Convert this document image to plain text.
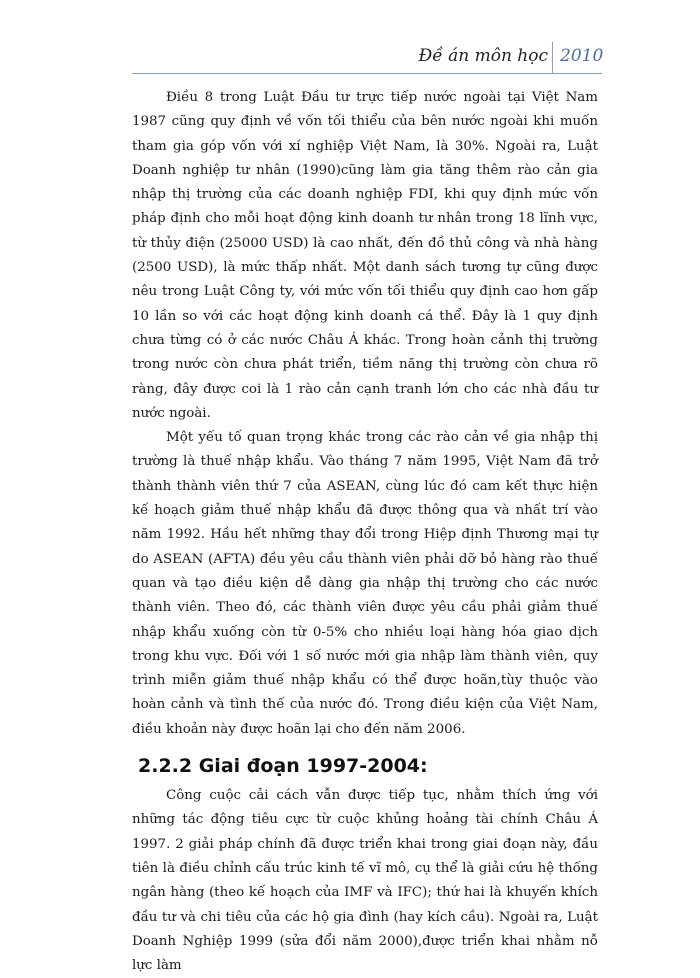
Đề án môn học 2010

Điều 8 trong Luật Đầu tư trực tiếp nước ngoài tại Việt Nam 1987 cũng quy định về vốn tối thiểu của bên nước ngoài khi muốn tham gia góp vốn với xí nghiệp Việt Nam, là 30%. Ngoài ra, Luật Doanh nghiệp tư nhân (1990)cũng làm gia tăng thêm rào cản gia nhập thị trường của các doanh nghiệp FDI, khi quy định mức vốn pháp định cho mỗi hoạt động kinh doanh tư nhân trong 18 lĩnh vực, từ thủy điện (25000 USD) là cao nhất, đến đồ thủ công và nhà hàng (2500 USD), là mức thấp nhất. Một danh sách tương tự cũng được nêu trong Luật Công ty, với mức vốn tối thiểu quy định cao hơn gấp 10 lần so với các hoạt động kinh doanh cá thể. Đây là 1 quy định chưa từng có ở các nước Châu Á khác. Trong hoàn cảnh thị trường trong nước còn chưa phát triển, tiềm năng thị trường còn chưa rõ ràng, đây được coi là 1 rào cản cạnh tranh lớn cho các nhà đầu tư nước ngoài.

Một yếu tố quan trọng khác trong các rào cản về gia nhập thị trường là thuế nhập khẩu. Vào tháng 7 năm 1995, Việt Nam đã trở thành thành viên thứ 7 của ASEAN, cùng lúc đó cam kết thực hiện kế hoạch giảm thuế nhập khẩu đã được thông qua và nhất trí vào năm 1992. Hầu hết những thay đổi trong Hiệp định Thương mại tự do ASEAN (AFTA) đều yêu cầu thành viên phải dỡ bỏ hàng rào thuế quan và tạo điều kiện dễ dàng gia nhập thị trường cho các nước thành viên. Theo đó, các thành viên được yêu cầu phải giảm thuế nhập khẩu xuống còn từ 0-5% cho nhiều loại hàng hóa giao dịch trong khu vực. Đối với 1 số nước mới gia nhập làm thành viên, quy trình miễn giảm thuế nhập khẩu có thể được hoãn,tùy thuộc vào hoàn cảnh và tình thế của nước đó. Trong điều kiện của Việt Nam, điều khoản này được hoãn lại cho đến năm 2006.

2.2.2 Giai đoạn 1997-2004:

Công cuộc cải cách vẫn được tiếp tục, nhằm thích ứng với những tác động tiêu cực từ cuộc khủng hoảng tài chính Châu Á 1997. 2 giải pháp chính đã được triển khai trong giai đoạn này, đầu tiên là điều chỉnh cấu trúc kinh tế vĩ mô, cụ thể là giải cứu hệ thống ngân hàng (theo kế hoạch của IMF và IFC); thứ hai là khuyến khích đầu tư và chi tiêu của các hộ gia đình (hay kích cầu). Ngoài ra, Luật Doanh Nghiệp 1999 (sửa đổi năm 2000),được triển khai nhằm nỗ lực làm
